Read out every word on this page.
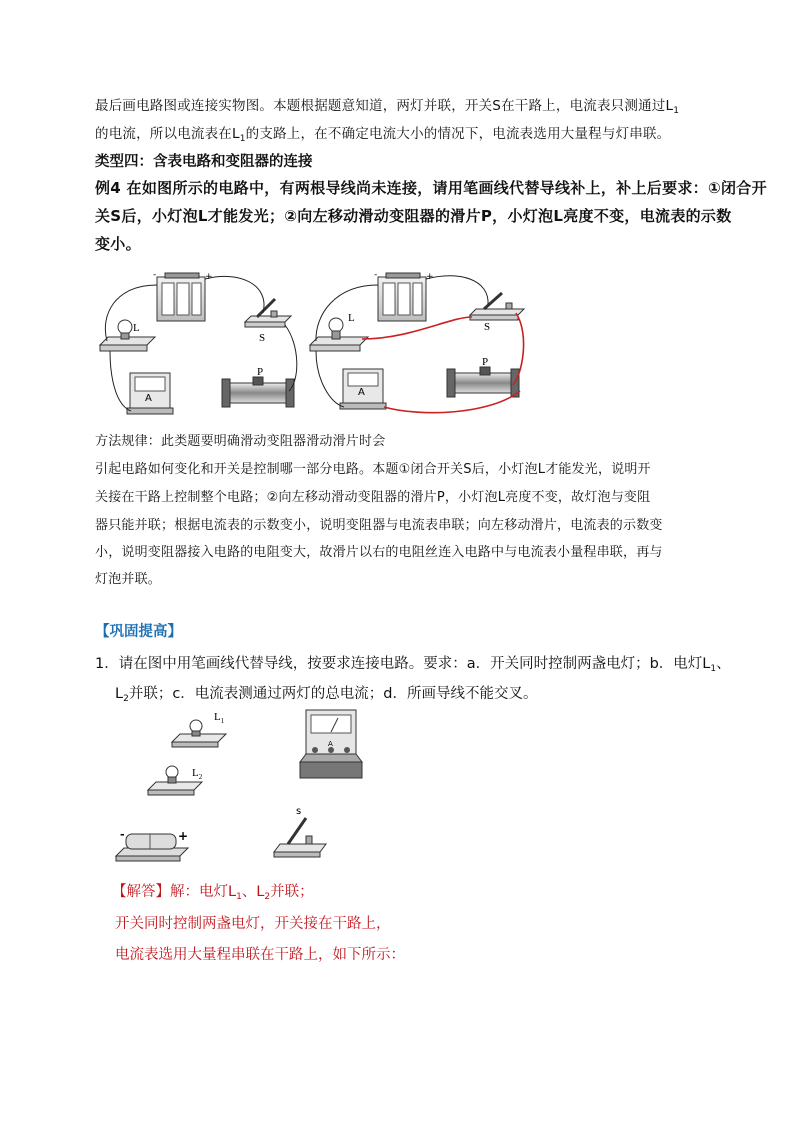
最后画电路图或连接实物图。本题根据题意知道，两灯并联，开关S在干路上，电流表只测通过$L_1$
的电流，所以电流表在$L_1$的支路上，在不确定电流大小的情况下，电流表选用大量程与灯串联。
类型四：含表电路和变阻器的连接
例4 在如图所示的电路中，有两根导线尚未连接，请用笔画线代替导线补上，补上后要求：①闭合开
关S后，小灯泡L才能发光；②向左移动滑动变阻器的滑片P，小灯泡L亮度不变，电流表的示数
变小。
-	+
L
S
A
P
-	+
L
S
A
P
方法规律：此类题要明确滑动变阻器滑动滑片时会
引起电路如何变化和开关是控制哪一部分电路。本题①闭合开关S后，小灯泡L才能发光，说明开
关接在干路上控制整个电路；②向左移动滑动变阻器的滑片P，小灯泡L亮度不变，故灯泡与变阻
器只能并联；根据电流表的示数变小，说明变阻器与电流表串联；向左移动滑片，电流表的示数变
小，说明变阻器接入电路的电阻变大，故滑片以右的电阻丝连入电路中与电流表小量程串联，再与
灯泡并联。
【巩固提高】
1．请在图中用笔画线代替导线，按要求连接电路。要求：a．开关同时控制两盏电灯；b．电灯$L_1$、
$L_2$并联；c．电流表测通过两灯的总电流；d．所画导线不能交叉。
$L_1$
$L_2$
A
-	+
s
【解答】解：电灯$L_1$、$L_2$并联；
开关同时控制两盏电灯，开关接在干路上，
电流表选用大量程串联在干路上，如下所示：
